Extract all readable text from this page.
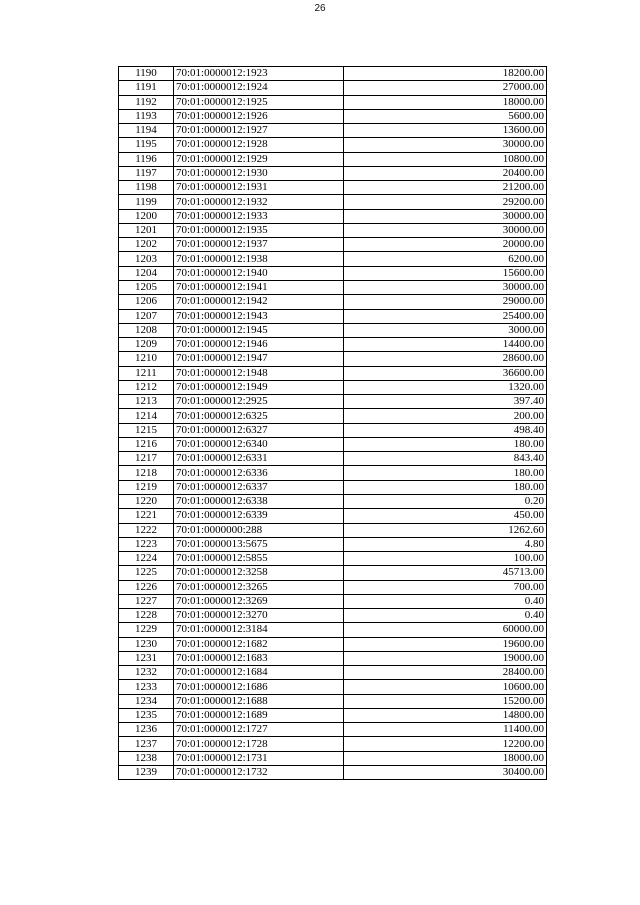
26
1190	70:01:0000012:1923	18200.00
1191	70:01:0000012:1924	27000.00
1192	70:01:0000012:1925	18000.00
1193	70:01:0000012:1926	5600.00
1194	70:01:0000012:1927	13600.00
1195	70:01:0000012:1928	30000.00
1196	70:01:0000012:1929	10800.00
1197	70:01:0000012:1930	20400.00
1198	70:01:0000012:1931	21200.00
1199	70:01:0000012:1932	29200.00
1200	70:01:0000012:1933	30000.00
1201	70:01:0000012:1935	30000.00
1202	70:01:0000012:1937	20000.00
1203	70:01:0000012:1938	6200.00
1204	70:01:0000012:1940	15600.00
1205	70:01:0000012:1941	30000.00
1206	70:01:0000012:1942	29000.00
1207	70:01:0000012:1943	25400.00
1208	70:01:0000012:1945	3000.00
1209	70:01:0000012:1946	14400.00
1210	70:01:0000012:1947	28600.00
1211	70:01:0000012:1948	36600.00
1212	70:01:0000012:1949	1320.00
1213	70:01:0000012:2925	397.40
1214	70:01:0000012:6325	200.00
1215	70:01:0000012:6327	498.40
1216	70:01:0000012:6340	180.00
1217	70:01:0000012:6331	843.40
1218	70:01:0000012:6336	180.00
1219	70:01:0000012:6337	180.00
1220	70:01:0000012:6338	0.20
1221	70:01:0000012:6339	450.00
1222	70:01:0000000:288	1262.60
1223	70:01:0000013:5675	4.80
1224	70:01:0000012:5855	100.00
1225	70:01:0000012:3258	45713.00
1226	70:01:0000012:3265	700.00
1227	70:01:0000012:3269	0.40
1228	70:01:0000012:3270	0.40
1229	70:01:0000012:3184	60000.00
1230	70:01:0000012:1682	19600.00
1231	70:01:0000012:1683	19000.00
1232	70:01:0000012:1684	28400.00
1233	70:01:0000012:1686	10600.00
1234	70:01:0000012:1688	15200.00
1235	70:01:0000012:1689	14800.00
1236	70:01:0000012:1727	11400.00
1237	70:01:0000012:1728	12200.00
1238	70:01:0000012:1731	18000.00
1239	70:01:0000012:1732	30400.00
